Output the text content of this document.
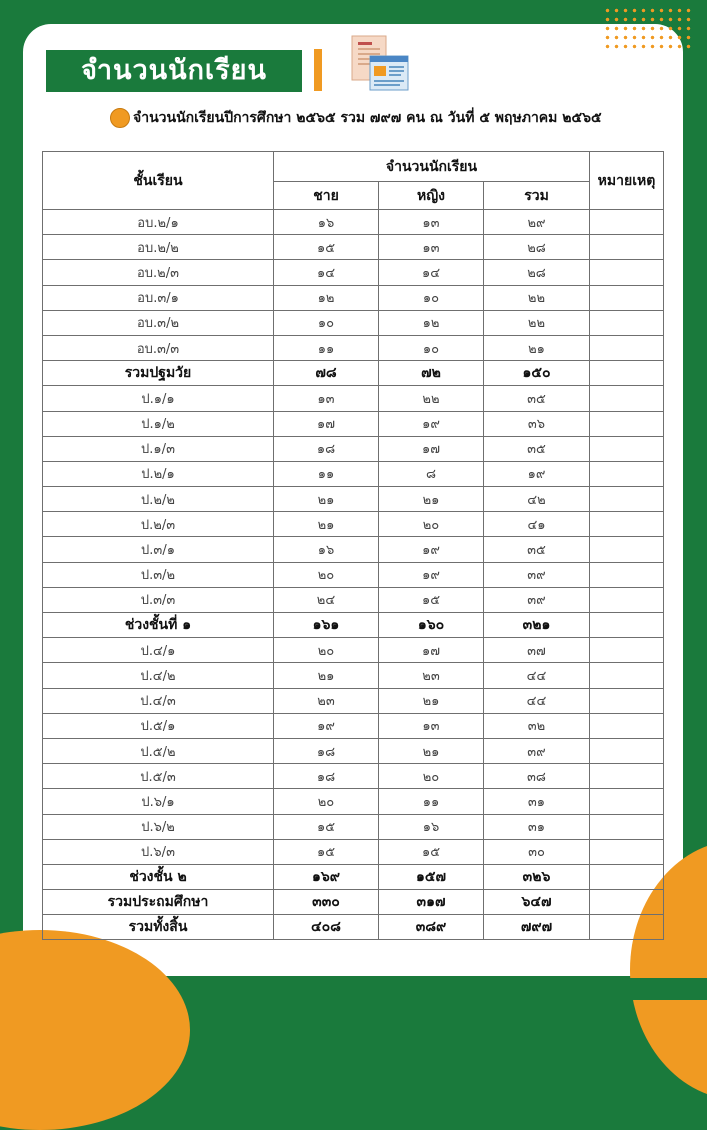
จำนวนนักเรียน
จำนวนนักเรียนปีการศึกษา ๒๕๖๕ รวม ๗๙๗ คน ณ วันที่ ๕ พฤษภาคม ๒๕๖๕
ชั้นเรียน	จำนวนนักเรียน			หมายเหตุ
	ชาย	หญิง	รวม	
อบ.๒/๑	๑๖	๑๓	๒๙	
อบ.๒/๒	๑๕	๑๓	๒๘	
อบ.๒/๓	๑๔	๑๔	๒๘	
อบ.๓/๑	๑๒	๑๐	๒๒	
อบ.๓/๒	๑๐	๑๒	๒๒	
อบ.๓/๓	๑๑	๑๐	๒๑	
รวมปฐมวัย	๗๘	๗๒	๑๕๐	
ป.๑/๑	๑๓	๒๒	๓๕	
ป.๑/๒	๑๗	๑๙	๓๖	
ป.๑/๓	๑๘	๑๗	๓๕	
ป.๒/๑	๑๑	๘	๑๙	
ป.๒/๒	๒๑	๒๑	๔๒	
ป.๒/๓	๒๑	๒๐	๔๑	
ป.๓/๑	๑๖	๑๙	๓๕	
ป.๓/๒	๒๐	๑๙	๓๙	
ป.๓/๓	๒๔	๑๕	๓๙	
ช่วงชั้นที่ ๑	๑๖๑	๑๖๐	๓๒๑	
ป.๔/๑	๒๐	๑๗	๓๗	
ป.๔/๒	๒๑	๒๓	๔๔	
ป.๔/๓	๒๓	๒๑	๔๔	
ป.๕/๑	๑๙	๑๓	๓๒	
ป.๕/๒	๑๘	๒๑	๓๙	
ป.๕/๓	๑๘	๒๐	๓๘	
ป.๖/๑	๒๐	๑๑	๓๑	
ป.๖/๒	๑๕	๑๖	๓๑	
ป.๖/๓	๑๕	๑๕	๓๐	
ช่วงชั้น ๒	๑๖๙	๑๕๗	๓๒๖	
รวมประถมศึกษา	๓๓๐	๓๑๗	๖๔๗	
รวมทั้งสิ้น	๔๐๘	๓๘๙	๗๙๗	
